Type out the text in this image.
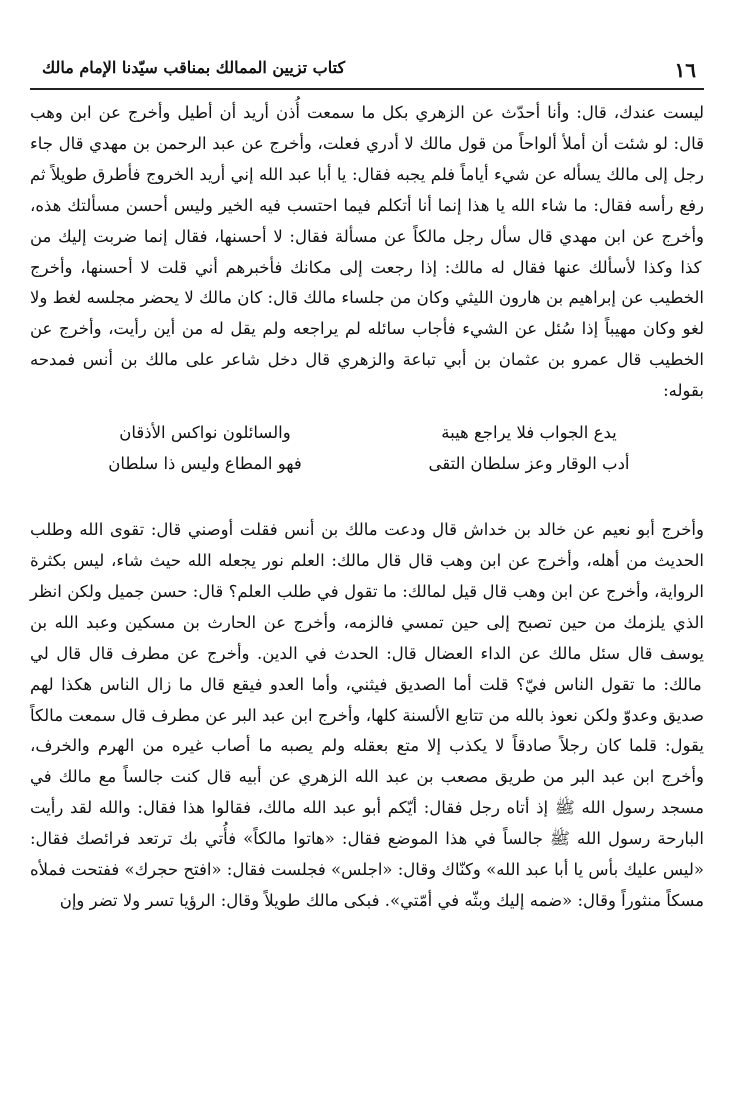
١٦
كتاب تزيين الممالك بمناقب سيّدنا الإمام مالك

ليست عندك، قال: وأنا أحدّث عن الزهري بكل ما سمعت أُذن أريد أن أطيل وأخرج عن ابن وهب قال: لو شئت أن أملأ ألواحاً من قول مالك لا أدري فعلت، وأخرج عن عبد الرحمن بن مهدي قال جاء رجل إلى مالك يسأله عن شيء أياماً فلم يجبه فقال: يا أبا عبد الله إني أريد الخروج فأطرق طويلاً ثم رفع رأسه فقال: ما شاء الله يا هذا إنما أنا أتكلم فيما احتسب فيه الخير وليس أحسن مسألتك هذه، وأخرج عن ابن مهدي قال سأل رجل مالكاً عن مسألة فقال: لا أحسنها، فقال إنما ضربت إليك من كذا وكذا لأسألك عنها فقال له مالك: إذا رجعت إلى مكانك فأخبرهم أني قلت لا أحسنها، وأخرج الخطيب عن إبراهيم بن هارون الليثي وكان من جلساء مالك قال: كان مالك لا يحضر مجلسه لغط ولا لغو وكان مهيباً إذا سُئل عن الشيء فأجاب سائله لم يراجعه ولم يقل له من أين رأيت، وأخرج عن الخطيب قال عمرو بن عثمان بن أبي تباعة والزهري قال دخل شاعر على مالك بن أنس فمدحه بقوله:

يدع الجواب فلا يراجع هيبة
والسائلون نواكس الأذقان
أدب الوقار وعز سلطان التقى
فهو المطاع وليس ذا سلطان

وأخرج أبو نعيم عن خالد بن خداش قال ودعت مالك بن أنس فقلت أوصني قال: تقوى الله وطلب الحديث من أهله، وأخرج عن ابن وهب قال قال مالك: العلم نور يجعله الله حيث شاء، ليس بكثرة الرواية، وأخرج عن ابن وهب قال قيل لمالك: ما تقول في طلب العلم؟ قال: حسن جميل ولكن انظر الذي يلزمك من حين تصبح إلى حين تمسي فالزمه، وأخرج عن الحارث بن مسكين وعبد الله بن يوسف قال سئل مالك عن الداء العضال قال: الحدث في الدين. وأخرج عن مطرف قال قال لي مالك: ما تقول الناس فيّ؟ قلت أما الصديق فيثني، وأما العدو فيقع قال ما زال الناس هكذا لهم صديق وعدوّ ولكن نعوذ بالله من تتابع الألسنة كلها، وأخرج ابن عبد البر عن مطرف قال سمعت مالكاً يقول: قلما كان رجلاً صادقاً لا يكذب إلا متع بعقله ولم يصبه ما أصاب غيره من الهرم والخرف، وأخرج ابن عبد البر من طريق مصعب بن عبد الله الزهري عن أبيه قال كنت جالساً مع مالك في مسجد رسول الله ﷺ إذ أتاه رجل فقال: أيّكم أبو عبد الله مالك، فقالوا هذا فقال: والله لقد رأيت البارحة رسول الله ﷺ جالساً في هذا الموضع فقال: «هاتوا مالكاً» فأُتي بك ترتعد فرائصك فقال: «ليس عليك بأس يا أبا عبد الله» وكنّاك وقال: «اجلس» فجلست فقال: «افتح حجرك» ففتحت فملأه مسكاً منثوراً وقال: «ضمه إليك وبثّه في أمّتي». فبكى مالك طويلاً وقال: الرؤيا تسر ولا تضر وإن
